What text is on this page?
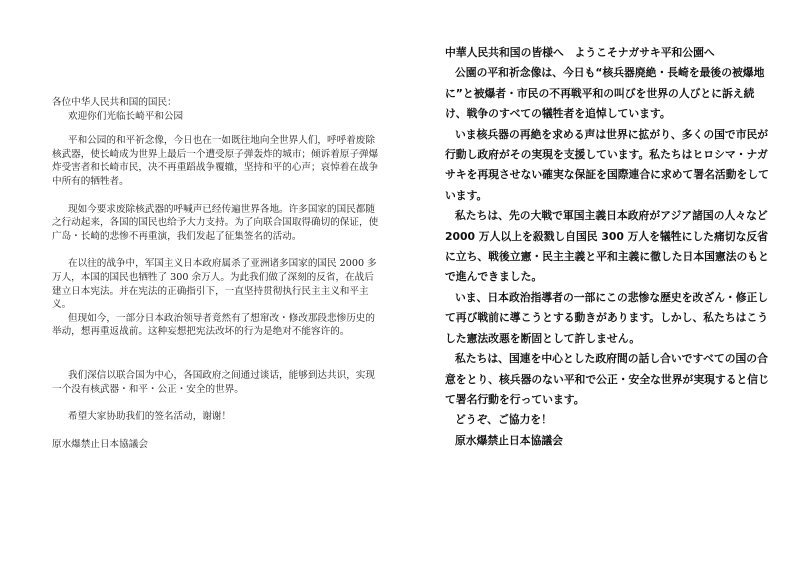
各位中华人民共和国的国民：

欢迎你们光临长崎平和公园

平和公园的和平祈念像，今日也在一如既往地向全世界人们，呼呼着废除核武器，使长崎成为世界上最后一个遭受原子弹轰炸的城市；倾诉着原子弹爆炸受害者和长崎市民，决不再重蹈战争覆辙，坚持和平的心声；哀悼着在战争中所有的牺牲者。

现如今要求废除核武器的呼喊声已经传遍世界各地。许多国家的国民都随之行动起来，各国的国民也给予大力支持。为了向联合国取得确切的保证，使广岛・长崎的悲惨不再重演，我们发起了征集签名的活动。

在以往的战争中，军国主义日本政府属杀了亚洲诸多国家的国民 2000 多万人，本国的国民也牺牲了 300 余万人。为此我们做了深刻的反省，在战后建立日本宪法。并在宪法的正确指引下，一直坚持贯彻执行民主主义和平主义。

但现如今，一部分日本政治领导者竟然有了想窜改・修改那段悲惨历史的举动，想再重返战前。这种妄想把宪法改坏的行为是绝对不能容许的。

我们深信以联合国为中心，各国政府之间通过谈话，能够到达共识，实现一个没有核武器・和平・公正・安全的世界。

希望大家协助我们的签名活动，谢谢！

原水爆禁止日本協議会

中華人民共和国の皆様へ　ようこそナガサキ平和公園へ

公園の平和祈念像は、今日も“核兵器廃絶・長崎を最後の被爆地に”と被爆者・市民の不再戦平和の叫びを世界の人びとに訴え続け、戦争のすべての犠牲者を追悼しています。

いま核兵器の再絶を求める声は世界に拡がり、多くの国で市民が行動し政府がその実現を支援しています。私たちはヒロシマ・ナガサキを再現させない確実な保証を国際連合に求めて署名活動をしています。

私たちは、先の大戦で軍国主義日本政府がアジア諸国の人々など 2000 万人以上を殺戮し自国民 300 万人を犠牲にした痛切な反省に立ち、戦後立憲・民主主義と平和主義に徹した日本国憲法のもとで進んできました。

いま、日本政治指導者の一部にこの悲惨な歴史を改ざん・修正して再び戦前に導こうとする動きがあります。しかし、私たちはこうした憲法改悪を断固として許しません。

私たちは、国連を中心とした政府間の話し合いですべての国の合意をとり、核兵器のない平和で公正・安全な世界が実現すると信じて署名行動を行っています。

どうぞ、ご協力を！

原水爆禁止日本協議会
